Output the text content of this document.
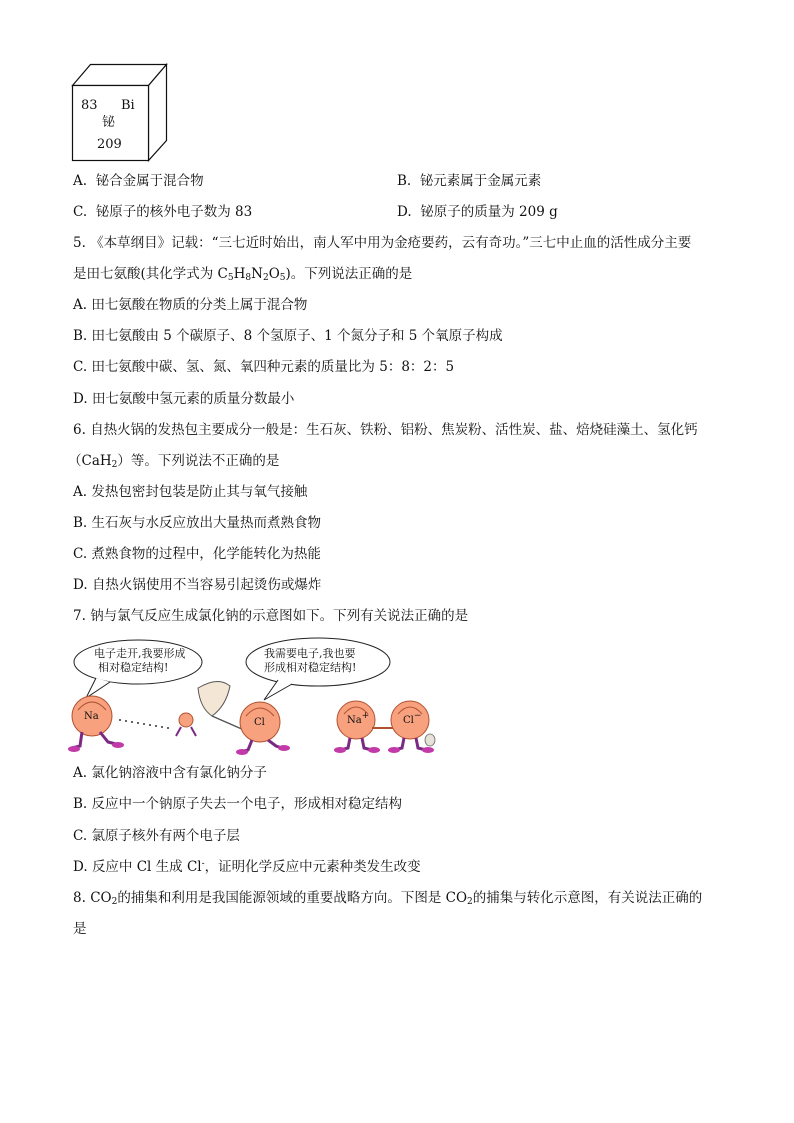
83 Bi
铋
209
A. 铋合金属于混合物	B. 铋元素属于金属元素
C. 铋原子的核外电子数为 83	D. 铋原子的质量为 209 g
5. 《本草纲目》记载：“三七近时始出，南人军中用为金疮要药，云有奇功。”三七中止血的活性成分主要
是田七氨酸(其化学式为 $C_5H_8N_2O_5$)。下列说法正确的是
A. 田七氨酸在物质的分类上属于混合物
B. 田七氨酸由 5 个碳原子、8 个氢原子、1 个氮分子和 5 个氧原子构成
C. 田七氨酸中碳、氢、氮、氧四种元素的质量比为 5：8：2：5
D. 田七氨酸中氢元素的质量分数最小
6. 自热火锅的发热包主要成分一般是：生石灰、铁粉、铝粉、焦炭粉、活性炭、盐、焙烧硅藻土、氢化钙
（CaH$_2$）等。下列说法不正确的是
A. 发热包密封包装是防止其与氧气接触
B. 生石灰与水反应放出大量热而煮熟食物
C. 煮熟食物的过程中，化学能转化为热能
D. 自热火锅使用不当容易引起烫伤或爆炸
7. 钠与氯气反应生成氯化钠的示意图如下。下列有关说法正确的是
电子走开,我要形成
相对稳定结构!
我需要电子,我也要
形成相对稳定结构!
Na
Cl	Na+	Cl−
A. 氯化钠溶液中含有氯化钠分子
B. 反应中一个钠原子失去一个电子，形成相对稳定结构
C. 氯原子核外有两个电子层
D. 反应中 Cl 生成 Cl-，证明化学反应中元素种类发生改变
8. $CO_2$的捕集和利用是我国能源领域的重要战略方向。下图是 $CO_2$的捕集与转化示意图，有关说法正确的
是
